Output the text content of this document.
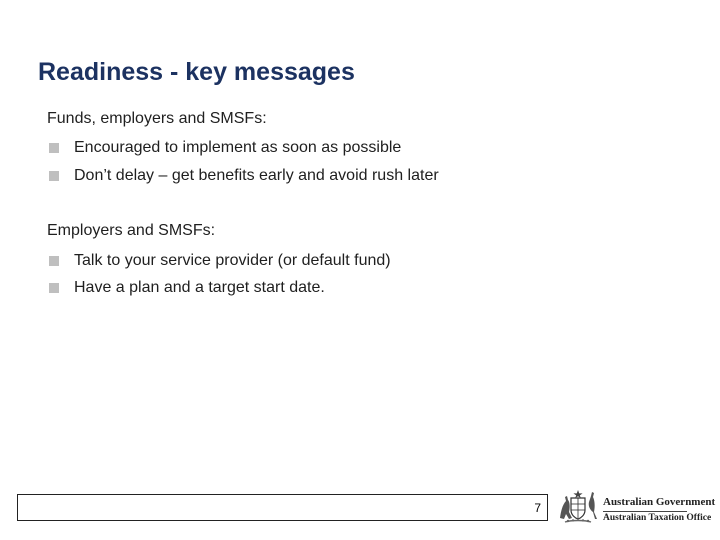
Readiness - key messages
Funds, employers and SMSFs:
Encouraged to implement as soon as possible
Don’t delay – get benefits early and avoid rush later
Employers and SMSFs:
Talk to your service provider (or default fund)
Have a plan and a target start date.
7	Australian Government
Australian Taxation Office
